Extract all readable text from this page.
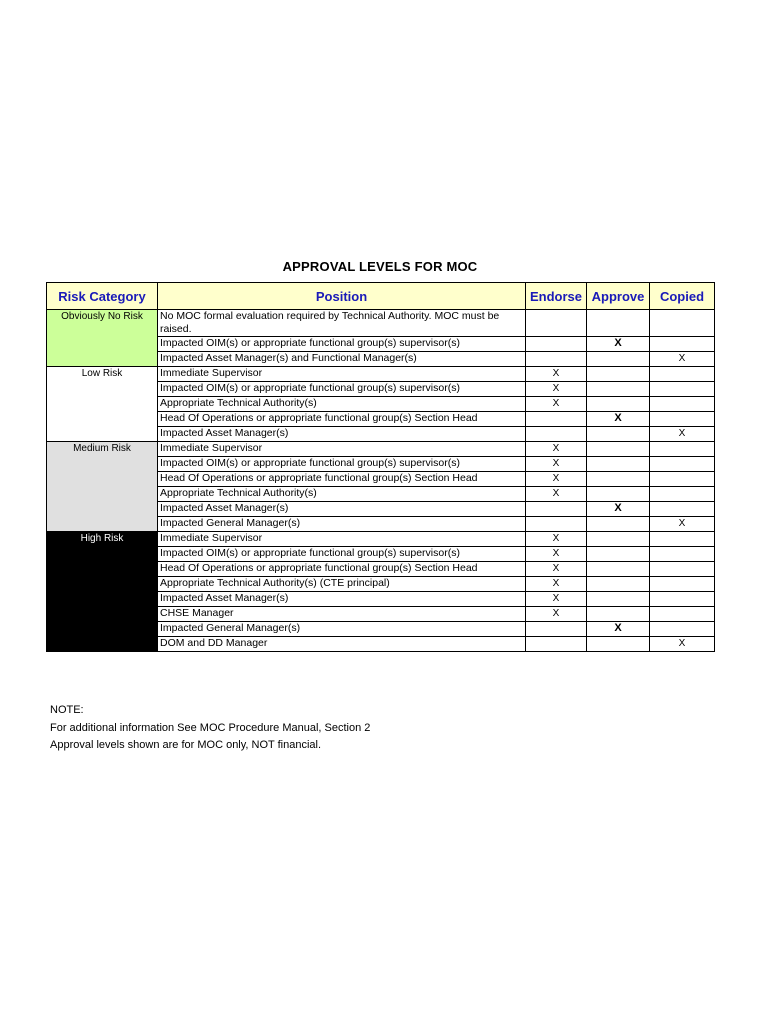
APPROVAL LEVELS FOR MOC
Risk Category	Position	Endorse	Approve	Copied
Obviously No Risk	No MOC formal evaluation required by Technical Authority. MOC must be raised.			
	Impacted OIM(s) or appropriate functional group(s) supervisor(s)		X	
	Impacted Asset Manager(s) and Functional Manager(s)			X
Low Risk	Immediate Supervisor	X		
	Impacted OIM(s) or appropriate functional group(s) supervisor(s)	X		
	Appropriate Technical Authority(s)	X		
	Head Of Operations or appropriate functional group(s) Section Head		X	
	Impacted Asset Manager(s)			X
Medium Risk	Immediate Supervisor	X		
	Impacted OIM(s) or appropriate functional group(s) supervisor(s)	X		
	Head Of Operations or appropriate functional group(s) Section Head	X		
	Appropriate Technical Authority(s)	X		
	Impacted Asset Manager(s)		X	
	Impacted General Manager(s)			X
High Risk	Immediate Supervisor	X		
	Impacted OIM(s) or appropriate functional group(s) supervisor(s)	X		
	Head Of Operations or appropriate functional group(s) Section Head	X		
	Appropriate Technical Authority(s) (CTE principal)	X		
	Impacted Asset Manager(s)	X		
	CHSE Manager	X		
	Impacted General Manager(s)		X	
	DOM and DD Manager			X
NOTE:
For additional information See MOC Procedure Manual, Section 2
Approval levels shown are for MOC only, NOT financial.
